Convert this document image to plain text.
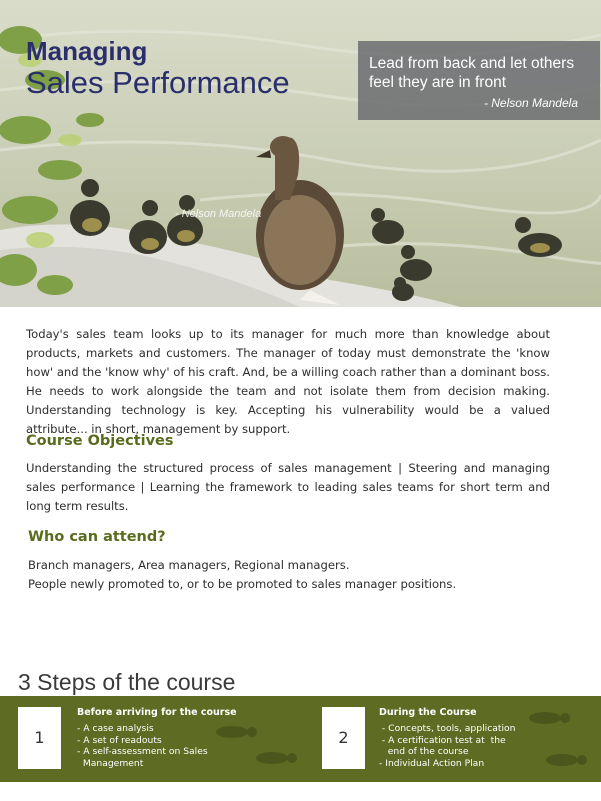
Managing
Sales Performance
Lead from back and let others feel they are in front
- Nelson Mandela
- Nelson Mandela
Today's sales team looks up to its manager for much more than knowledge about products, markets and customers. The manager of today must demonstrate the 'know how' and the 'know why' of his craft. And, be a willing coach rather than a dominant boss. He needs to work alongside the team and not isolate them from decision making. Understanding technology is key. Accepting his vulnerability would be a valued attribute... in short, management by support.
Course Objectives
Understanding the structured process of sales management | Steering and managing sales performance | Learning the framework to leading sales teams for short term and long term results.
Who can attend?
Branch managers, Area managers, Regional managers.
People newly promoted to, or to be promoted to sales manager positions.
3 Steps of the course
1
Before arriving for the course
- A case analysis
- A set of readouts
- A self-assessment on Sales
Management
2
During the Course
- Concepts, tools, application
- A certification test at  the
end of the course
- Individual Action Plan
